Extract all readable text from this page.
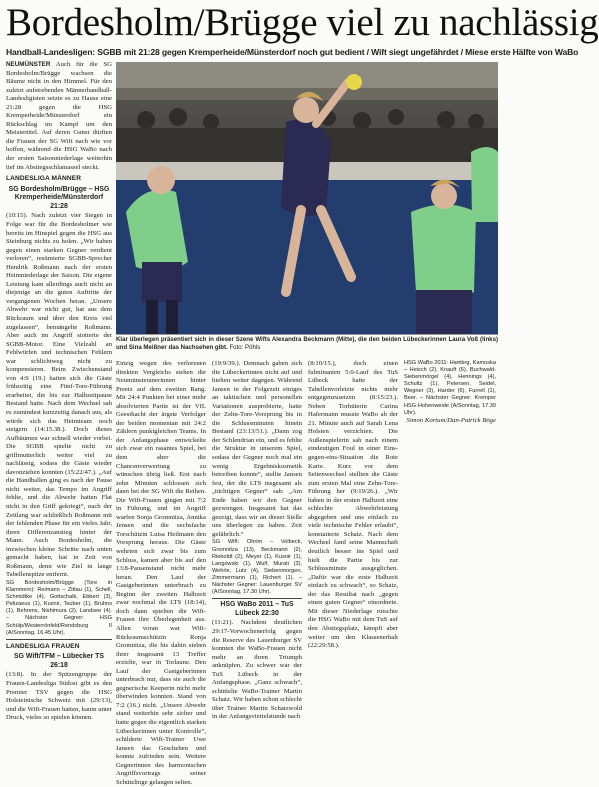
Bordesholm/Brügge viel zu nachlässig
Handball-Landesligen: SGBB mit 21:28 gegen Kremperheide/Münsterdorf noch gut bedient / Wift siegt ungefährdet / Miese erste Hälfte von WaBo

NEUMÜNSTER Auch für die SG Bordesholm/Brügge wachsen die Bäume nicht in den Himmel. Für den zuletzt aufstrebenden Männerhandball-Landesligisten setzte es zu Hause eine 21:28 gegen die HSG Kremperheide/Münsterdorf ein Rückschlag im Kampf um den Meistertitel. Auf deren Gunst dürften die Frauen der SG Wift nach wie vor hoffen, während die HSG WaBo nach der ersten Saisonniederlage weiterhin tief im Abstiegsschlamassel steckt.

LANDESLIGA MÄNNER

SG Bordesholm/Brügge – HSG Kremperheide/Münsterdorf 21:28

(10:15). Nach zuletzt vier Siegen in Folge war für die Bordesholmer wie bereits im Hinspiel gegen die HSG aus Steinburg nichts zu holen. „Wir haben gegen einen starken Gegner verdient verloren“, resümierte SGBB-Sprecher Hendrik Roßmann nach der ersten Heimniederlage der Saison. Die eigene Leistung kam allerdings auch nicht an diejenige an die guten Auftritte der vergangenen Wochen heran. „Unsere Abwehr war nicht gut, hat aus dem Rückraum und über den Kreis viel zugelassen“, bemängelte Roßmann. Aber auch im Angriff stotterte der SGBB-Motor. Eine Vielzahl an Fehlwürfen und technischen Fehlern war schlichtweg nicht zu kompensieren. Beim Zwischenstand von 4:9 (19.) hatten sich die Gäste frühzeitig eine Fünf-Tore-Führung erarbeitet, die bis zur Halbzeitpause Bestand hatte. Nach dem Wechsel sah es zumindest kurzzeitig danach aus, als würde sich das Heimteam noch steigern (14:15.38.). Doch dieses Aufbäumen war schnell wieder vorbei. Die SGBB spielte nicht zu griffmutterlich weiter viel zu nachlässig, sodass die Gäste wieder davonziehen konnten (15:22/47.). „Auf die Handballen ging es nach der Pause nicht weiter, das Tempo im Angriff fehlte, und die Abwehr hatten Flat nicht in den Griff gekriegt“, nach der Zeitlang war schließlich Roßmann mit der fehlenden Phase für ein vieles Jahr, ihren Differenzanstieg hinter der Mann. Auch Bordesholm, die inzwischen kleine Schritte nach unten gemacht haben, hat in Zeit von Roßmann, denn wie Ziel in lange Tabellenspitze entfernt.

SG Bordesholm/Brügge (Tore in Klammern): Reimann – Zittau (1), Schell, Schmidtke (4), Gottschalk, Ebbert (3), Pelizaeus (1), Kusnir, Teuber (1), Bruhns (1), Behrens, Nishimura (2), Landsee (4). – Nächster Gegner: HSG Schülp/Westerrönfeld/Rendsburg II (A/Sonntag, 16.45 Uhr).

LANDESLIGA FRAUEN

SG Wift/TFM – Lübecker TS 26:18

(13:8). In der Spitzengruppe der Frauen-Landesliga Südost gibt es den Premier TSV gegen die HSG Holsteinische Schweiz mit (29:13), und die Wift-Frauen hatten, kaum unter Druck, vieles so spielen können.

Klar überlegen präsentiert sich in dieser Szene Wifts Alexandra Beckmann (Mitte), die den beiden Lübeckerinnen Laura Voß (links) und Sina Meißner das Nachsehen gibt. Foto: Pöhls

Einzig wegen des verlorenen direkten Vergleichs stehen die Neumünsteranerinnen hinter Preetz auf dem zweiten Rang. Mit 24:4 Punkten bei einer mehr absolvierten Partie ist der VfL Geesthacht der ärgste Verfolger der beiden momentan mit 24:2 Zählern punktgleichen Teams. In der Anfangsphase entwickelte sich zwar ein rasantes Spiel, bei dem aber die Chancenverwertung zu wünschen übrig ließ. Erst nach zehn Minuten schlossen sich dann bei der SG Wift die Reihen. Die Wift-Frauen gingen mit 7:2 in Führung, und im Angriff warfen Sonja Gromnitza, Annika Jensen und die sechsfache Torschützin Luisa Heilmann den Vorsprung heraus. Die Gäste wehrten sich zwar bis zum Schluss, kamen aber bis auf den 13:8-Pausenstand nicht mehr heran. Den Lauf der Gastgeberinnen unterbrach zu Beginn der zweiten Halbzeit zwar nochmal die LTS (18:14), doch dann spielten die Wift-Frauen ihre Überlegenheit aus. Allen voran war Wift-Rückraumschützin Ronja Gromnitza, die bis dahin sieben ihrer insgesamt 13 Treffer erzielte, war in Torlaune. Den Lauf der Gastgeberinnen unterbrach nur, dass sie auch die gegnerische Keeperin nicht mehr überwinden konnten. Stand von 7:2 (16.) nicht. „Unsere Abwehr stand weiterhin sehr sicher und hatte gegen die eigentlich starken Lübeckerinnen unter Kontrolle“, schilderte Wift-Trainer Uwe Jansen das Geschehen und konnte zufrieden sein. Weitere Gegnerinnen des harmonischen Angriffsvortrags seiner Schützlinge gelangen selten.

(19:9/39.). Demnach gaben sich die Lübeckerinnen nicht auf und hielten weiter dagegen. Während Jansen in der Folgezeit einiges an taktischen und personellen Variationen ausprobierte, hatte der Zehn-Tore-Vorsprung bis in die Schlussminuten hinein Bestand (23:13/51.). „Dann zog der Schlendrian ein, und es fehlte die Struktur in unserem Spiel, sodass der Gegner noch mal ein wenig Ergebniskosmetik betreiben konnte“, stellte Jansen fest, der die LTS insgesamt als „tüchtigen Gegner“ sah: „Am Ende haben wir den Gegner gezwungen. Insgesamt hat das gezeigt, dass wir an dieser Stelle uns überlegen zu haben. Zeit gefährlich.“

SG Wift: Ohrim – Volbeck, Gromnitza (13), Beckmann (2), Rieboldt (2), Meyer (1), Kusnir (1), Langowski (1), Wulf, Murati (3), Wehrle, Lutz (4), Siebenmorgen, Zimmermann (1), Richert (1). – Nächster Gegner: Lauenburger SV (A/Sonntag, 17.30 Uhr).

HSG WaBo 2011 – TuS Lübeck 22:30

(11:21). Nachdem deutlichen 29:17-Vorwochenerfolg gegen die Reserve des Lauenburger SV konnten die WaBo-Frauen nicht mehr an ihren Triumph anknüpfen. Zu schwer war der TuS Lübeck in der Anfangsphase. „Ganz schwach“, schüttelte WaBo-Trainer Martin Schatz. Wir haben schon schlecht über Trainer Martin Schatzwold in der Anfangsviertelstunde nach

(8:10/15.), doch einen fulminanten 5:0-Lauf des TuS Lübeck hatte der Tabellenvorletzte nichts mehr entgegenzusetzen (8:15/23.). Neben Torhüterin Carina Hafermann musste WaBo ab der 21. Minute auch auf Sarah Lena Holsten verzichten. Die Außenspielerin sah nach einem eindeutigen Foul in einer Eins-gegen-eins-Situation die Rote Karte. Kurz vor dem Seitenwechsel stellten die Gäste zum ersten Mal eine Zehn-Tore-Führung her (9:19/26.). „Wir haben in der ersten Halbzeit eine schlechte Abwehrleistung abgegeben und uns einfach zu viele technische Fehler erlaubt“, konstatierte Schatz. Nach dem Wechsel fand seine Mannschaft deutlich besser ins Spiel und hielt die Partie bis zur Schlussminute ausgeglichen. „Dafür war die erste Halbzeit einfach zu schwach“, so Schatz, der das Resultat nach „gegen einen guten Gegner“ einordnete. Mit dieser Niederlage rutschte die HSG WaBo mit dem TuS auf den Abstiegsplatz, kämpft aber weiter um den Klassenerhalt (22:29:58.).

HSG WaBo 2011: Hambrg, Kamoska – Heisch (2), Knauft (6), Buchwald-Siebenmörgel (4), Hennings (4), Schultz (1), Petersen, Seidel, Wegner (3), Harder (6), Furrell (1), Beer. – Nächster Gegner: Kremper HSG Hohenweide (A/Sonntag, 17.30 Uhr).

Simon Kortum/Dan-Patrick Böge
